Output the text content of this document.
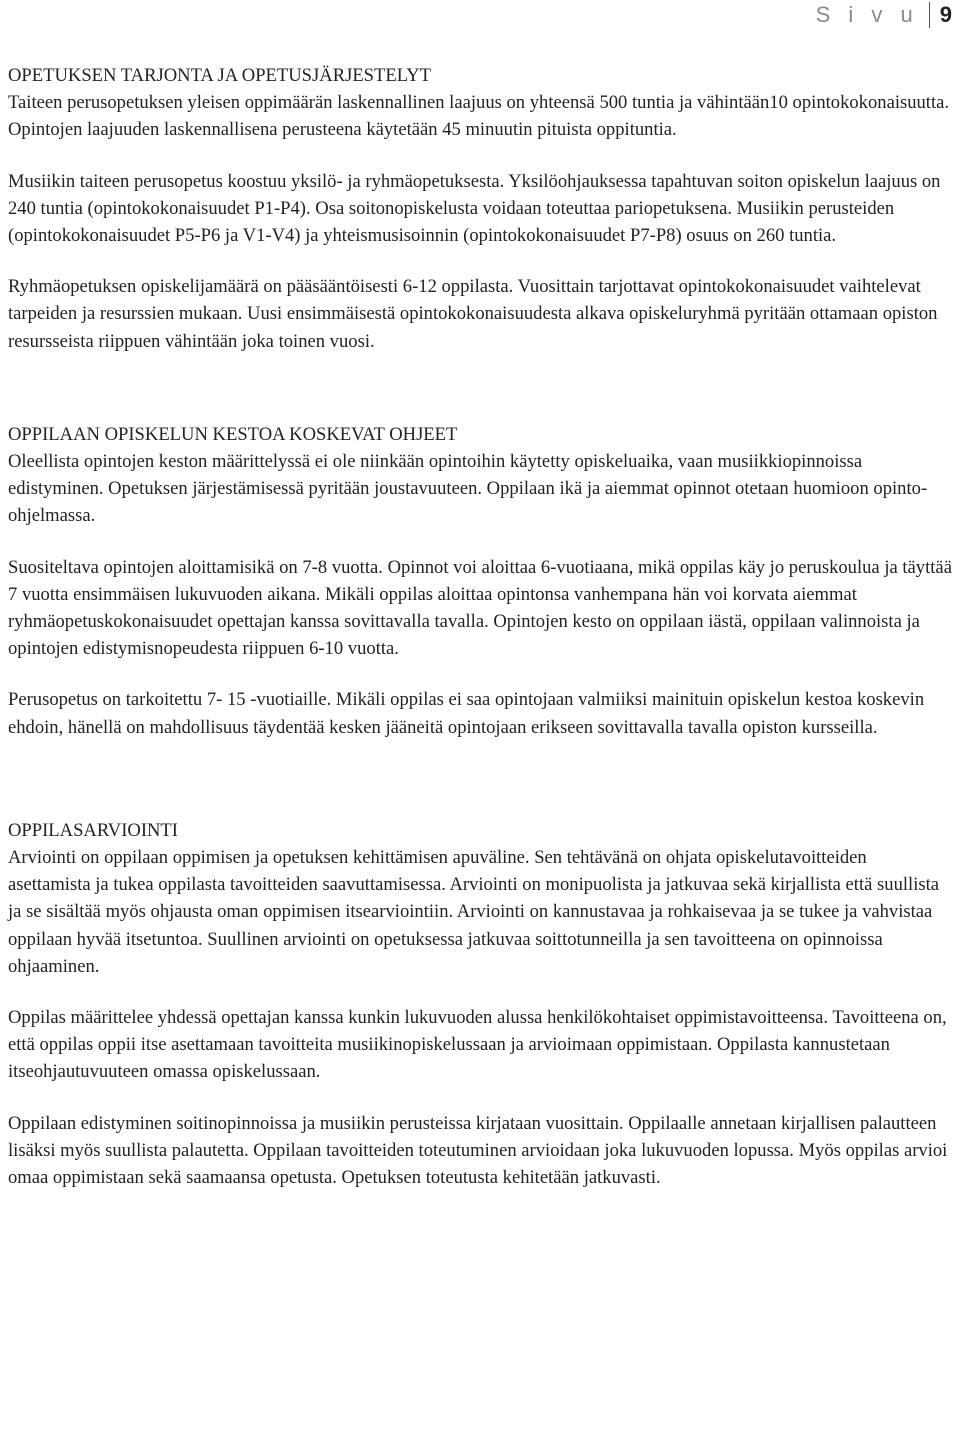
S i v u 9
OPETUKSEN TARJONTA JA OPETUSJÄRJESTELYT

Taiteen perusopetuksen yleisen oppimäärän laskennallinen laajuus on yhteensä 500 tuntia ja vähintään10 opintokokonaisuutta. Opintojen laajuuden laskennallisena perusteena käytetään 45 minuutin pituista oppituntia.

Musiikin taiteen perusopetus koostuu yksilö- ja ryhmäopetuksesta. Yksilöohjauksessa tapahtuvan soiton opiskelun laajuus on 240 tuntia (opintokokonaisuudet P1-P4). Osa soitonopiskelusta voidaan toteuttaa pariopetuksena. Musiikin perusteiden (opintokokonaisuudet P5-P6 ja V1-V4) ja yhteismusisoinnin (opintokokonaisuudet P7-P8) osuus on 260 tuntia.

Ryhmäopetuksen opiskelijamäärä on pääsääntöisesti 6-12 oppilasta. Vuosittain tarjottavat opintokokonaisuudet vaihtelevat tarpeiden ja resurssien mukaan. Uusi ensimmäisestä opintokokonaisuudesta alkava opiskeluryhmä pyritään ottamaan opiston resursseista riippuen vähintään joka toinen vuosi.

OPPILAAN OPISKELUN KESTOA KOSKEVAT OHJEET

Oleellista opintojen keston määrittelyssä ei ole niinkään opintoihin käytetty opiskeluaika, vaan musiikkiopinnoissa edistyminen. Opetuksen järjestämisessä pyritään joustavuuteen. Oppilaan ikä ja aiemmat opinnot otetaan huomioon opinto-ohjelmassa.

Suositeltava opintojen aloittamisikä on 7-8 vuotta. Opinnot voi aloittaa 6-vuotiaana, mikä oppilas käy jo peruskoulua ja täyttää 7 vuotta ensimmäisen lukuvuoden aikana. Mikäli oppilas aloittaa opintonsa vanhempana hän voi korvata aiemmat ryhmäopetuskokonaisuudet opettajan kanssa sovittavalla tavalla. Opintojen kesto on oppilaan iästä, oppilaan valinnoista ja opintojen edistymisnopeudesta riippuen 6-10 vuotta.

Perusopetus on tarkoitettu 7- 15 -vuotiaille. Mikäli oppilas ei saa opintojaan valmiiksi mainituin opiskelun kestoa koskevin ehdoin, hänellä on mahdollisuus täydentää kesken jääneitä opintojaan erikseen sovittavalla tavalla opiston kursseilla.

OPPILASARVIOINTI

Arviointi on oppilaan oppimisen ja opetuksen kehittämisen apuväline. Sen tehtävänä on ohjata opiskelutavoitteiden asettamista ja tukea oppilasta tavoitteiden saavuttamisessa. Arviointi on monipuolista ja jatkuvaa sekä kirjallista että suullista ja se sisältää myös ohjausta oman oppimisen itsearviointiin. Arviointi on kannustavaa ja rohkaisevaa ja se tukee ja vahvistaa oppilaan hyvää itsetuntoa. Suullinen arviointi on opetuksessa jatkuvaa soittotunneilla ja sen tavoitteena on opinnoissa ohjaaminen.

Oppilas määrittelee yhdessä opettajan kanssa kunkin lukuvuoden alussa henkilökohtaiset oppimistavoitteensa. Tavoitteena on, että oppilas oppii itse asettamaan tavoitteita musiikinopiskelussaan ja arvioimaan oppimistaan. Oppilasta kannustetaan itseohjautuvuuteen omassa opiskelussaan.

Oppilaan edistyminen soitinopinnoissa ja musiikin perusteissa kirjataan vuosittain. Oppilaalle annetaan kirjallisen palautteen lisäksi myös suullista palautetta. Oppilaan tavoitteiden toteutuminen arvioidaan joka lukuvuoden lopussa. Myös oppilas arvioi omaa oppimistaan sekä saamaansa opetusta. Opetuksen toteutusta kehitetään jatkuvasti.
